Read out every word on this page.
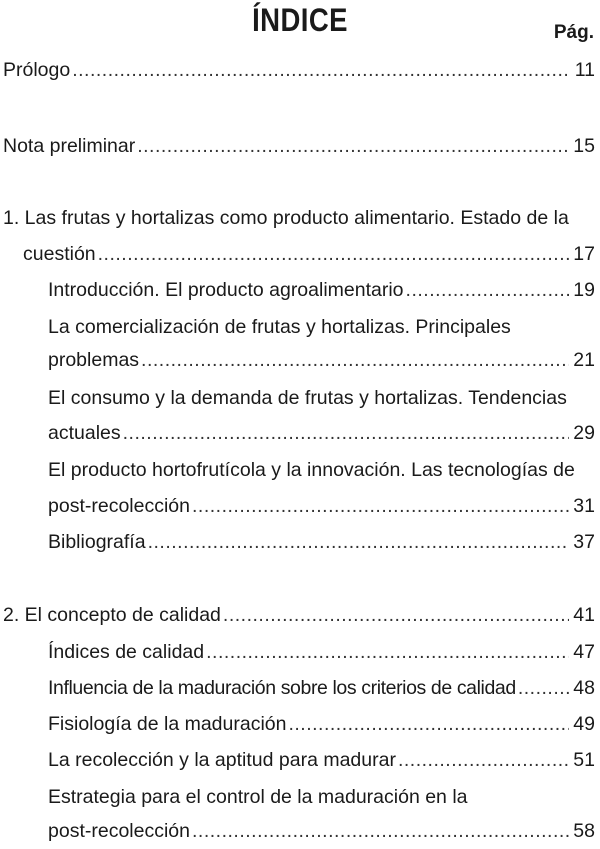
ÍNDICE	Pág.
Prólogo .....	11
Nota preliminar .....	15
1. Las frutas y hortalizas como producto alimentario. Estado de la
cuestión .....	17
Introducción. El producto agroalimentario .....	19
La comercialización de frutas y hortalizas. Principales
problemas .....	21
El consumo y la demanda de frutas y hortalizas. Tendencias
actuales .....	29
El producto hortofrutícola y la innovación. Las tecnologías de
post-recolección .....	31
Bibliografía .....	37
2. El concepto de calidad .....	41
Índices de calidad .....	47
Influencia de la maduración sobre los criterios de calidad .....	48
Fisiología de la maduración .....	49
La recolección y la aptitud para madurar .....	51
Estrategia para el control de la maduración en la
post-recolección .....	58
